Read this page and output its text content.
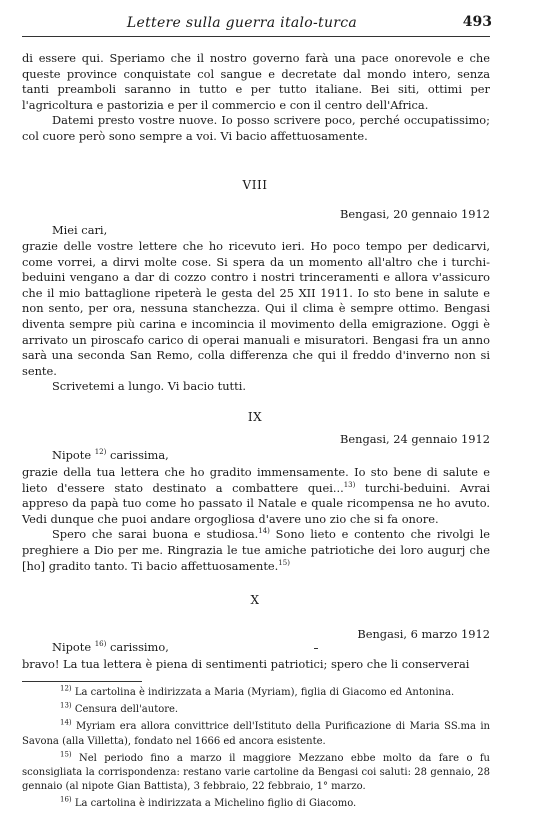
Lettere sulla guerra italo-turca	493

di essere qui. Speriamo che il nostro governo farà una pace onorevole e che queste province conquistate col sangue e decretate dal mondo intero, senza tanti preamboli saranno in tutto e per tutto italiane. Bei siti, ottimi per l'agricoltura e pastorizia e per il commercio e con il centro dell'Africa.

Datemi presto vostre nuove. Io posso scrivere poco, perché occupatissimo; col cuore però sono sempre a voi. Vi bacio affettuosamente.

VIII
Bengasi, 20 gennaio 1912
Miei cari,

grazie delle vostre lettere che ho ricevuto ieri. Ho poco tempo per dedicarvi, come vorrei, a dirvi molte cose. Si spera da un momento all'altro che i turchi-beduini vengano a dar di cozzo contro i nostri trinceramenti e allora v'assicuro che il mio battaglione ripeterà le gesta del 25 XII 1911. Io sto bene in salute e non sento, per ora, nessuna stanchezza. Qui il clima è sempre ottimo. Bengasi diventa sempre più carina e incomincia il movimento della emigrazione. Oggi è arrivato un piroscafo carico di operai manuali e misuratori. Bengasi fra un anno sarà una seconda San Remo, colla differenza che qui il freddo d'inverno non si sente.

Scrivetemi a lungo. Vi bacio tutti.

IX
Bengasi, 24 gennaio 1912
Nipote $^{12)}$ carissima,

grazie della tua lettera che ho gradito immensamente. Io sto bene di salute e lieto d'essere stato destinato a combattere quei...$^{13)}$ turchi-beduini. Avrai appreso da papà tuo come ho passato il Natale e quale ricompensa ne ho avuto. Vedi dunque che puoi andare orgogliosa d'avere uno zio che si fa onore.

Spero che sarai buona e studiosa.$^{14)}$ Sono lieto e contento che rivolgi le preghiere a Dio per me. Ringrazia le tue amiche patriotiche dei loro augurj che [ho] gradito tanto. Ti bacio affettuosamente.$^{15)}$

X
Bengasi, 6 marzo 1912
Nipote $^{16)}$ carissimo,

bravo! La tua lettera è piena di sentimenti patriotici; spero che li conserverai

$^{12)}$ La cartolina è indirizzata a Maria (Myriam), figlia di Giacomo ed Antonina.

$^{13)}$ Censura dell'autore.

$^{14)}$ Myriam era allora convittrice dell'Istituto della Purificazione di Maria SS.ma in Savona (alla Villetta), fondato nel 1666 ed ancora esistente.

$^{15)}$ Nel periodo fino a marzo il maggiore Mezzano ebbe molto da fare o fu sconsigliata la corrispondenza: restano varie cartoline da Bengasi coi saluti: 28 gennaio, 28 gennaio (al nipote Gian Battista), 3 febbraio, 22 febbraio, 1° marzo.

$^{16)}$ La cartolina è indirizzata a Michelino figlio di Giacomo.
